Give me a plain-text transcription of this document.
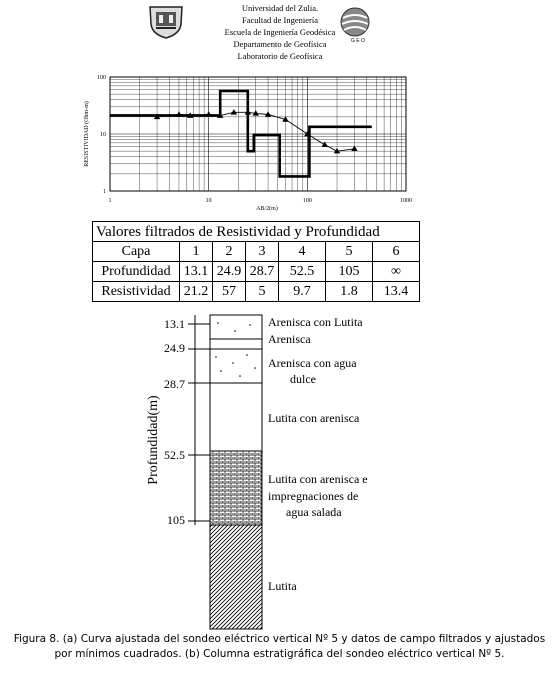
Universidad del Zulia.
Facultad de Ingeniería
Escuela de Ingeniería Geodésica
Departamento de Geofísica
Laboratorio de Geofísica
G E O
1	10	100	1000
1
10
100
AB/2(m)
RESISTIVIDAD (Ohm-m)
Valores filtrados de Resistividad y Profundidad						
Capa	1	2	3	4	5	6
Profundidad	13.1	24.9	28.7	52.5	105	∞
Resistividad	21.2	57	5	9.7	1.8	13.4
13.1
24.9
28.7
52.5
105
Profundidad(m)
Arenisca con Lutita
Arenisca
Arenisca con agua
dulce
Lutita con arenisca
Lutita con arenisca e
impregnaciones de
agua salada
Lutita
Figura 8. (a) Curva ajustada del sondeo eléctrico vertical Nº 5 y datos de campo filtrados y ajustados
por mínimos cuadrados. (b) Columna estratigráfica del sondeo eléctrico vertical Nº 5.
